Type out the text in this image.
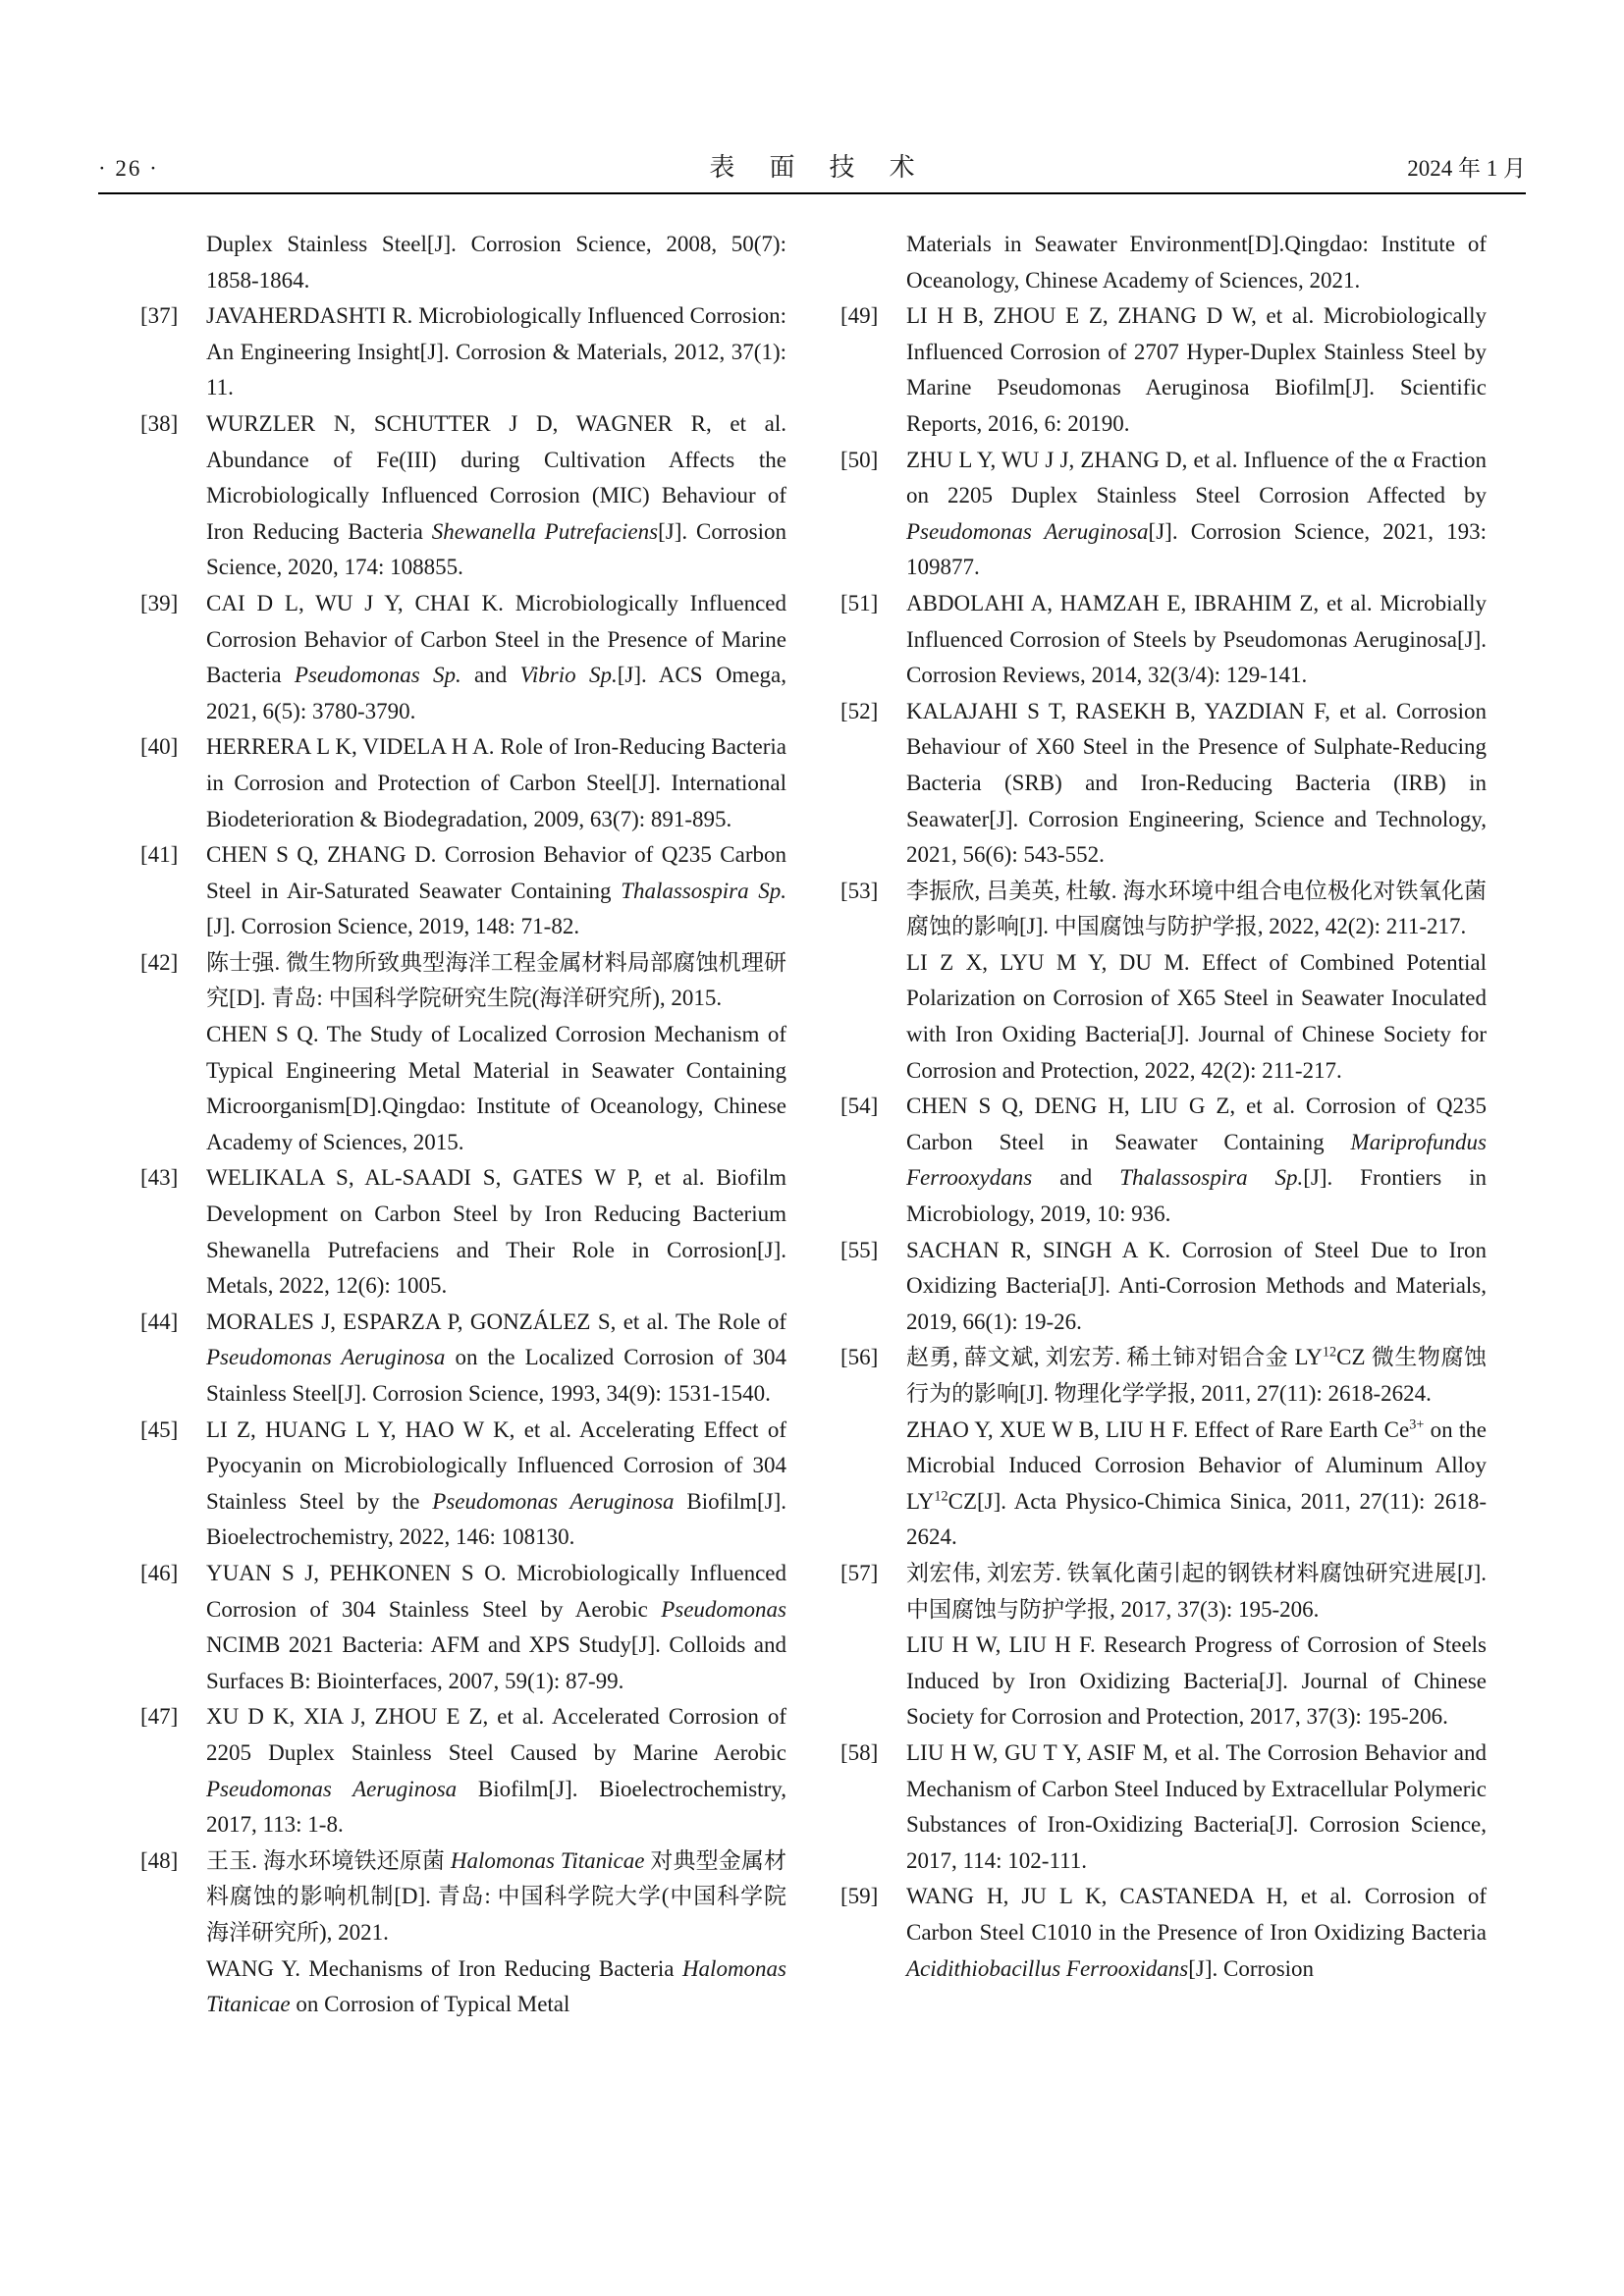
· 26 ·	表 面 技 术	2024 年 1 月
Duplex Stainless Steel[J]. Corrosion Science, 2008, 50(7): 1858-1864.
[37]	JAVAHERDASHTI R. Microbiologically Influenced Corrosion: An Engineering Insight[J]. Corrosion & Materials, 2012, 37(1): 11.
[38]	WURZLER N, SCHUTTER J D, WAGNER R, et al. Abundance of Fe(III) during Cultivation Affects the Microbiologically Influenced Corrosion (MIC) Behaviour of Iron Reducing Bacteria Shewanella Putrefaciens[J]. Corrosion Science, 2020, 174: 108855.
[39]	CAI D L, WU J Y, CHAI K. Microbiologically Influenced Corrosion Behavior of Carbon Steel in the Presence of Marine Bacteria Pseudomonas Sp. and Vibrio Sp.[J]. ACS Omega, 2021, 6(5): 3780-3790.
[40]	HERRERA L K, VIDELA H A. Role of Iron-Reducing Bacteria in Corrosion and Protection of Carbon Steel[J]. International Biodeterioration & Biodegradation, 2009, 63(7): 891-895.
[41]	CHEN S Q, ZHANG D. Corrosion Behavior of Q235 Carbon Steel in Air-Saturated Seawater Containing Thalassospira Sp.[J]. Corrosion Science, 2019, 148: 71-82.
[42]	陈士强. 微生物所致典型海洋工程金属材料局部腐蚀机理研究[D]. 青岛: 中国科学院研究生院(海洋研究所), 2015.
CHEN S Q. The Study of Localized Corrosion Mechanism of Typical Engineering Metal Material in Seawater Containing Microorganism[D].Qingdao: Institute of Oceanology, Chinese Academy of Sciences, 2015.
[43]	WELIKALA S, AL-SAADI S, GATES W P, et al. Biofilm Development on Carbon Steel by Iron Reducing Bacterium Shewanella Putrefaciens and Their Role in Corrosion[J]. Metals, 2022, 12(6): 1005.
[44]	MORALES J, ESPARZA P, GONZÁLEZ S, et al. The Role of Pseudomonas Aeruginosa on the Localized Corrosion of 304 Stainless Steel[J]. Corrosion Science, 1993, 34(9): 1531-1540.
[45]	LI Z, HUANG L Y, HAO W K, et al. Accelerating Effect of Pyocyanin on Microbiologically Influenced Corrosion of 304 Stainless Steel by the Pseudomonas Aeruginosa Biofilm[J]. Bioelectrochemistry, 2022, 146: 108130.
[46]	YUAN S J, PEHKONEN S O. Microbiologically Influenced Corrosion of 304 Stainless Steel by Aerobic Pseudomonas NCIMB 2021 Bacteria: AFM and XPS Study[J]. Colloids and Surfaces B: Biointerfaces, 2007, 59(1): 87-99.
[47]	XU D K, XIA J, ZHOU E Z, et al. Accelerated Corrosion of 2205 Duplex Stainless Steel Caused by Marine Aerobic Pseudomonas Aeruginosa Biofilm[J]. Bioelectrochemistry, 2017, 113: 1-8.
[48]	王玉. 海水环境铁还原菌 Halomonas Titanicae 对典型金属材料腐蚀的影响机制[D]. 青岛: 中国科学院大学(中国科学院海洋研究所), 2021.
WANG Y. Mechanisms of Iron Reducing Bacteria Halomonas Titanicae on Corrosion of Typical Metal
Materials in Seawater Environment[D].Qingdao: Institute of Oceanology, Chinese Academy of Sciences, 2021.
[49]	LI H B, ZHOU E Z, ZHANG D W, et al. Microbiologically Influenced Corrosion of 2707 Hyper-Duplex Stainless Steel by Marine Pseudomonas Aeruginosa Biofilm[J]. Scientific Reports, 2016, 6: 20190.
[50]	ZHU L Y, WU J J, ZHANG D, et al. Influence of the α Fraction on 2205 Duplex Stainless Steel Corrosion Affected by Pseudomonas Aeruginosa[J]. Corrosion Science, 2021, 193: 109877.
[51]	ABDOLAHI A, HAMZAH E, IBRAHIM Z, et al. Microbially Influenced Corrosion of Steels by Pseudomonas Aeruginosa[J]. Corrosion Reviews, 2014, 32(3/4): 129-141.
[52]	KALAJAHI S T, RASEKH B, YAZDIAN F, et al. Corrosion Behaviour of X60 Steel in the Presence of Sulphate-Reducing Bacteria (SRB) and Iron-Reducing Bacteria (IRB) in Seawater[J]. Corrosion Engineering, Science and Technology, 2021, 56(6): 543-552.
[53]	李振欣, 吕美英, 杜敏. 海水环境中组合电位极化对铁氧化菌腐蚀的影响[J]. 中国腐蚀与防护学报, 2022, 42(2): 211-217.
LI Z X, LYU M Y, DU M. Effect of Combined Potential Polarization on Corrosion of X65 Steel in Seawater Inoculated with Iron Oxiding Bacteria[J]. Journal of Chinese Society for Corrosion and Protection, 2022, 42(2): 211-217.
[54]	CHEN S Q, DENG H, LIU G Z, et al. Corrosion of Q235 Carbon Steel in Seawater Containing Mariprofundus Ferrooxydans and Thalassospira Sp.[J]. Frontiers in Microbiology, 2019, 10: 936.
[55]	SACHAN R, SINGH A K. Corrosion of Steel Due to Iron Oxidizing Bacteria[J]. Anti-Corrosion Methods and Materials, 2019, 66(1): 19-26.
[56]	赵勇, 薛文斌, 刘宏芳. 稀土铈对铝合金 LY$^{12}$CZ 微生物腐蚀行为的影响[J]. 物理化学学报, 2011, 27(11): 2618-2624.
ZHAO Y, XUE W B, LIU H F. Effect of Rare Earth $Ce^{3+}$ on the Microbial Induced Corrosion Behavior of Aluminum Alloy LY$^{12}$CZ[J]. Acta Physico-Chimica Sinica, 2011, 27(11): 2618-2624.
[57]	刘宏伟, 刘宏芳. 铁氧化菌引起的钢铁材料腐蚀研究进展[J]. 中国腐蚀与防护学报, 2017, 37(3): 195-206.
LIU H W, LIU H F. Research Progress of Corrosion of Steels Induced by Iron Oxidizing Bacteria[J]. Journal of Chinese Society for Corrosion and Protection, 2017, 37(3): 195-206.
[58]	LIU H W, GU T Y, ASIF M, et al. The Corrosion Behavior and Mechanism of Carbon Steel Induced by Extracellular Polymeric Substances of Iron-Oxidizing Bacteria[J]. Corrosion Science, 2017, 114: 102-111.
[59]	WANG H, JU L K, CASTANEDA H, et al. Corrosion of Carbon Steel C1010 in the Presence of Iron Oxidizing Bacteria Acidithiobacillus Ferrooxidans[J]. Corrosion
